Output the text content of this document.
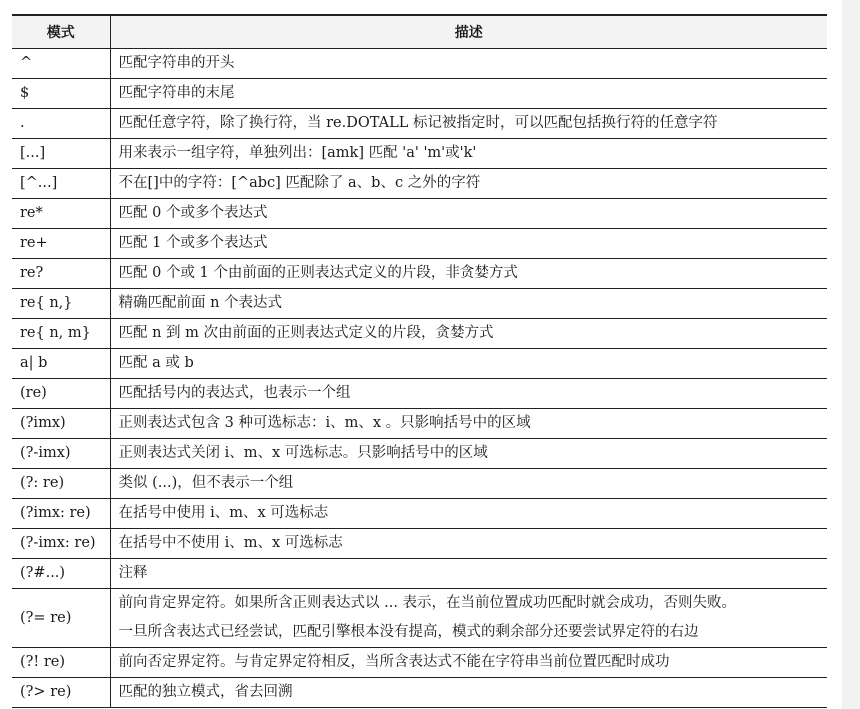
模式	描述
^	匹配字符串的开头

$	匹配字符串的末尾

.	匹配任意字符，除了换行符，当 re.DOTALL 标记被指定时，可以匹配包括换行符的任意字符

[...]	用来表示一组字符，单独列出：[amk] 匹配 'a' 'm'或'k'

[^...]	不在[]中的字符：[^abc] 匹配除了 a、b、c 之外的字符

re*	匹配 0 个或多个表达式

re+	匹配 1 个或多个表达式

re?	匹配 0 个或 1 个由前面的正则表达式定义的片段，非贪婪方式

re{ n,}	精确匹配前面 n 个表达式

re{ n, m}	匹配 n 到 m 次由前面的正则表达式定义的片段，贪婪方式

a| b	匹配 a 或 b

(re)	匹配括号内的表达式，也表示一个组

(?imx)	正则表达式包含 3 种可选标志：i、m、x 。只影响括号中的区域

(?-imx)	正则表达式关闭 i、m、x 可选标志。只影响括号中的区域

(?: re)	类似 (...)，但不表示一个组

(?imx: re)	在括号中使用 i、m、x 可选标志

(?-imx: re)	在括号中不使用 i、m、x 可选标志

(?#...)	注释

(?= re)	前向肯定界定符。如果所含正则表达式以 ... 表示，在当前位置成功匹配时就会成功，否则失败。
一旦所含表达式已经尝试，匹配引擎根本没有提高，模式的剩余部分还要尝试界定符的右边

(?! re)	前向否定界定符。与肯定界定符相反，当所含表达式不能在字符串当前位置匹配时成功

(?> re)	匹配的独立模式，省去回溯
